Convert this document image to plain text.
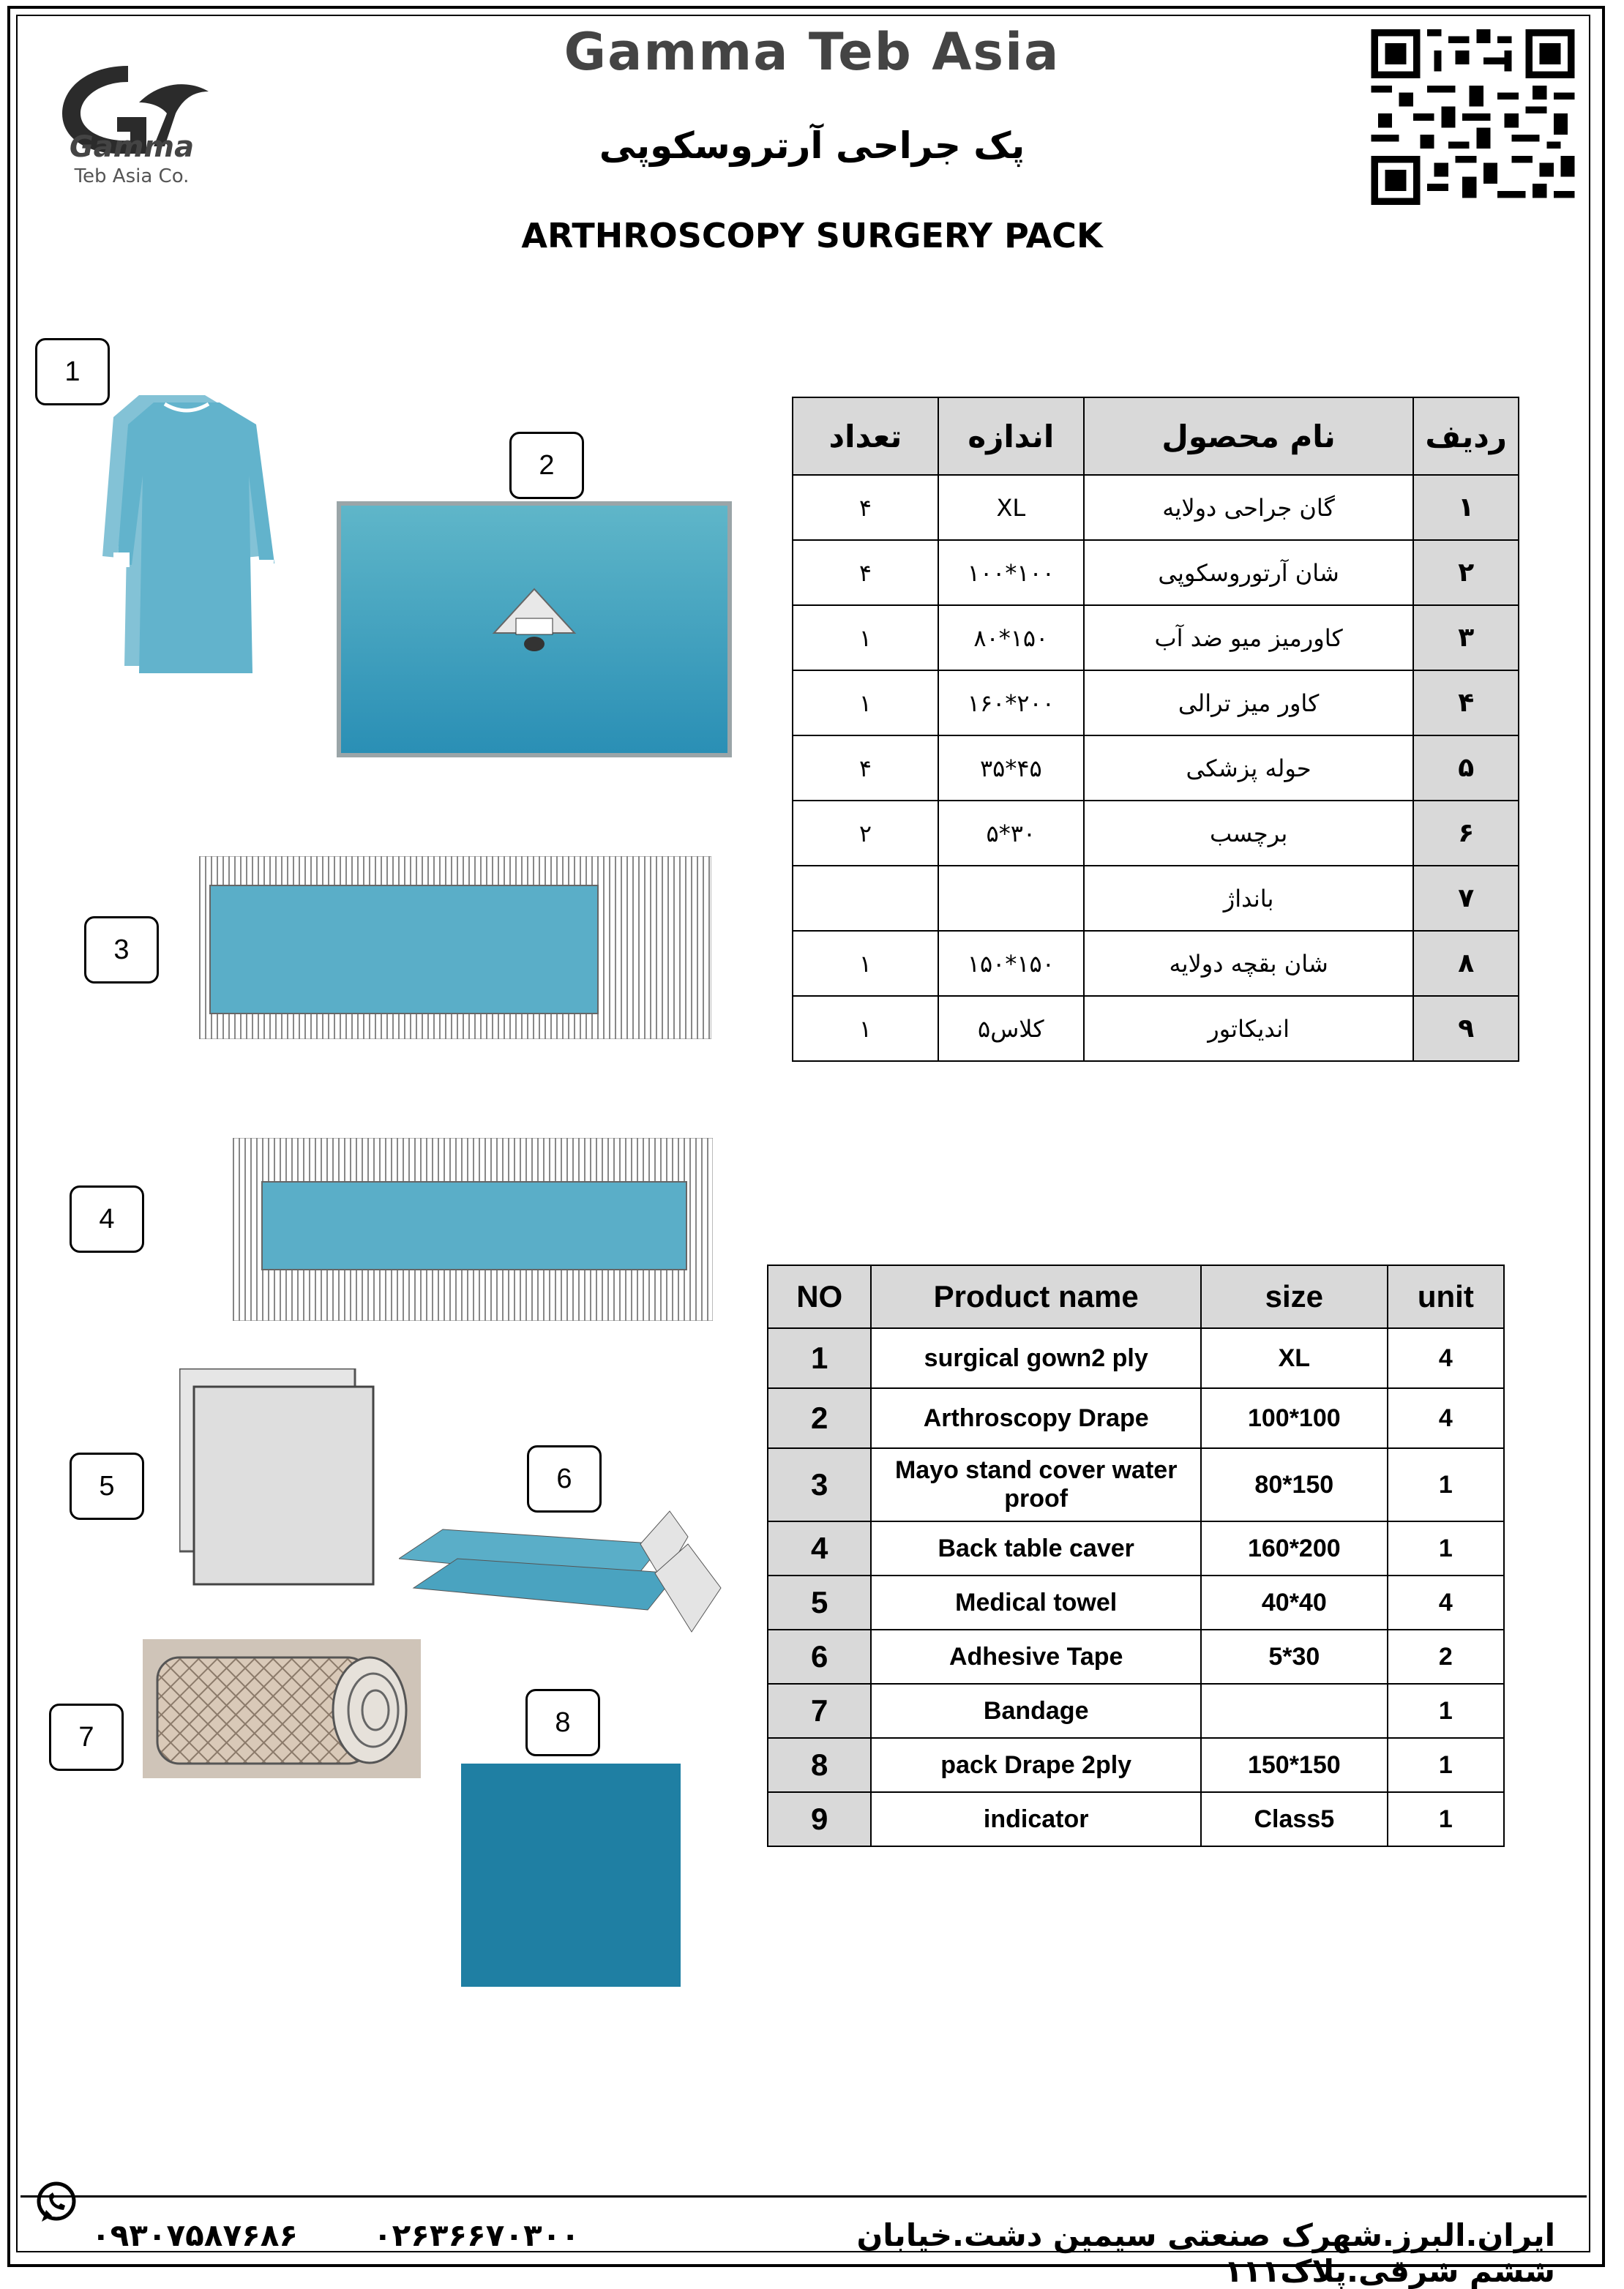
Gamma
Teb Asia Co.
Gamma Teb Asia
پک جراحی آرتروسکوپی
ARTHROSCOPY SURGERY PACK
1
2
3
4
5	6
7	8
ردیف	نام محصول	اندازه	تعداد
۱	گان جراحی دولایه	XL	۴
۲	شان آرتوروسکوپی	۱۰۰*۱۰۰	۴
۳	کاورمیز میو ضد آب	۱۵۰*۸۰	۱
۴	کاور میز ترالی	۲۰۰*۱۶۰	۱
۵	حوله پزشکی	۴۵*۳۵	۴
۶	برچسب	۳۰*۵	۲
۷	بانداژ		
۸	شان بقچه دولایه	۱۵۰*۱۵۰	۱
۹	اندیکاتور	کلاس۵	۱
NO	Product name	size	unit
1	surgical gown2 ply	XL	4
2	Arthroscopy Drape	100*100	4
3	Mayo stand cover water proof	80*150	1
4	Back table caver	160*200	1
5	Medical towel	40*40	4
6	Adhesive Tape	5*30	2
7	Bandage		1
8	pack Drape 2ply	150*150	1
9	indicator	Class5	1
۰۹۳۰۷۵۸۷۶۸۶ ۰۲۶۳۶۶۷۰۳۰۰	ایران.البرز.شهرک صنعتی سیمین دشت.خیابان ششم شرقی.پلاک۱۱۱
